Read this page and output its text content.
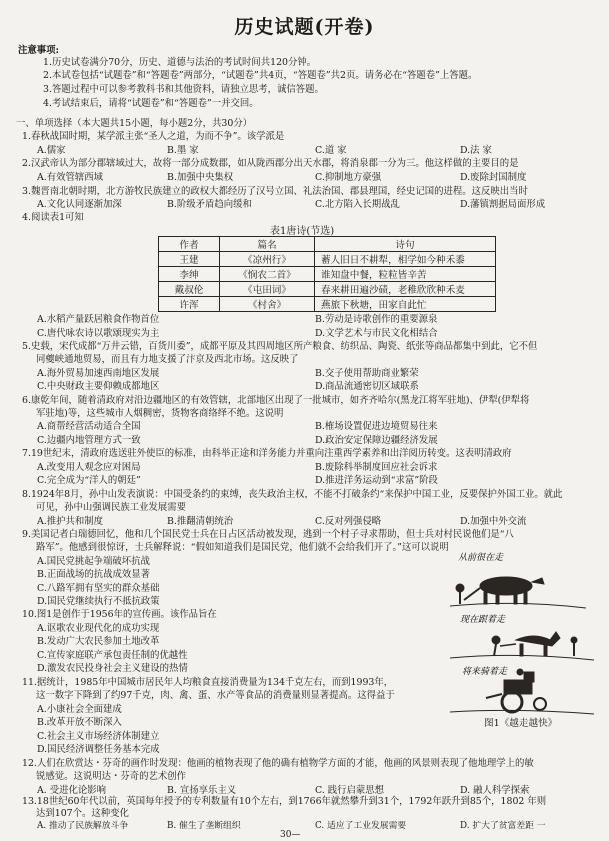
历史试题(开卷)
注意事项:
1.历史试卷满分70分，历史、道德与法治的考试时间共120分钟。
2.本试卷包括“试题卷”和“答题卷”两部分，“试题卷”共4页，“答题卷”共2页。请务必在“答题卷”上答题。
3.答题过程中可以参考教科书和其他资料，请独立思考，诚信答题。
4.考试结束后，请将“试题卷”和“答题卷”一并交回。
一、单项选择（本大题共15小题，每小题2分，共30分）
1.春秋战国时期，某学派主张“圣人之道，为而不争”。该学派是
A.儒家	B.墨 家	C.道 家	D.法 家
2.汉武帝认为部分郡辖域过大，故将一部分成数郡，如从陇西郡分出天水郡，将消泉郡一分为三。他这样做的主要目的是
A.有效管辖西域	B.加强中央集权	C.抑制地方豪强	D.废除封国制度
3.魏晋南北朝时期，北方游牧民族建立的政权大都经历了汉号立国、礼法治国、郡县理国，经史记国的进程。这反映出当时
A.文化认同逐渐加深	B.阶级矛盾趋向缓和	C.北方陷入长期战乱	D.藩镇割据局面形成
4.阅读表1可知
表1唐诗(节选)
作者	篇名	诗句
王建	《凉州行》	蓄人旧日不耕犁，相学如今种禾黍
李绅	《悯农二首》	谁知盘中餐，粒粒皆辛苦
戴叔伦	《屯田词》	春来耕田遍沙碛，老稚欣欣种禾麦
许浑	《村舍》	燕旅下秋塘，田家自此忙
A.水稻产量跃居粮食作物首位	B.劳动是诗歌创作的重要源泉
C.唐代咏农诗以歌颂现实为主	D.文学艺术与市民文化相结合
5.史载，宋代成都“万井云错，百货川委”，成都平原及其四周地区所产粮食、纺织品、陶瓷、纸张等商品都集中到此，它不但
同夔峡通地贸易，而且有力地支援了汴京及西北市场。这反映了
A.海外贸易加速西南地区发展	B.交子使用帮助商业繁荣
C.中央财政主要仰赖成都地区	D.商品流通密切区域联系
6.康乾年间，随着清政府对沿边疆地区的有效管辖，北部地区出现了一批城市，如齐齐哈尔(黑龙江将军驻地)、伊犁(伊犁将
军驻地)等，这些城市人烟稠密，货物客商络绎不绝。这说明
A.商帮经营活动适合全国	B.榷场设置促进边境贸易往来
C.边疆内地管理方式一致	D.政治安定保障边疆经济发展
7.19世纪末，清政府选送驻外使臣的标准，由科举正途和洋务能力并重向注重西学素养和出洋阅历转变。这表明清政府
A.改变用人观念应对困局	B.废除科举制度回应社会诉求
C.完全成为“洋人的朝廷”	D.推进洋务运动到“求富”阶段
8.1924年8月，孙中山发表演说：中国受条约的束缚，丧失政治主权，不能不打破条约“来保护中国工业，反要保护外国工业。就此
可见，孙中山强调民族工业发展需要
A.推护共和制度	B.推翻清朝统治	C.反对列强侵略	D.加强中外交流
9.美国记者白瑞德回忆，他和几个国民党士兵在日占区活动被发现，逃到一个村子寻求帮助，但士兵对村民说他们是“八
路军”。他感到很惊讶，士兵解释说：“假如知道我们是国民党，他们就不会给我们开了。”这可以说明
A.国民党挑起争端破坏抗战
B.正面战场的抗战成效显著
C.八路军拥有坚实的群众基础
D.国民党继续执行不抵抗政策
10.图1是创作于1956年的宣传画。该作品旨在
A.讴歌农业现代化的成功实现
B.发动广大农民参加土地改革
C.宣传家庭联产承包责任制的优越性
D.激发农民投身社会主义建设的热情
11.据统计，1985年中国城市居民年人均粮食直接消费量为134千克左右，而到1993年，
这一数字下降到了约97千克，肉、禽、蛋、水产等食品的消费量则显著提高。这得益于
A.小康社会全面建成
B.改革开放不断深入
C.社会主义市场经济体制建立
D.国民经济调整任务基本完成
从前很在走
现在跟着走
将来骑着走
图1《越走越快》
12.人们在欣赏达・芬奇的画作时发现：他画的植物表现了他的确有植物学方面的才能，他画的风景则表现了他地理学上的敏
锐感觉。这说明达・芬奇的艺术创作
A. 受进化论影响	B. 宣扬享乐主义	C. 践行启蒙思想	D. 融人科学探索
13.18世纪60年代以前，英国每年授予的专利数量有10个左右，到1766年就然攀升到31个，1792年跃升到85个，1802 年则
达到107个。这种变化
A. 推动了民族解放斗争	B. 催生了垄断组织	C. 适应了工业发展需要	D. 扩大了贫富差距 一
30—
